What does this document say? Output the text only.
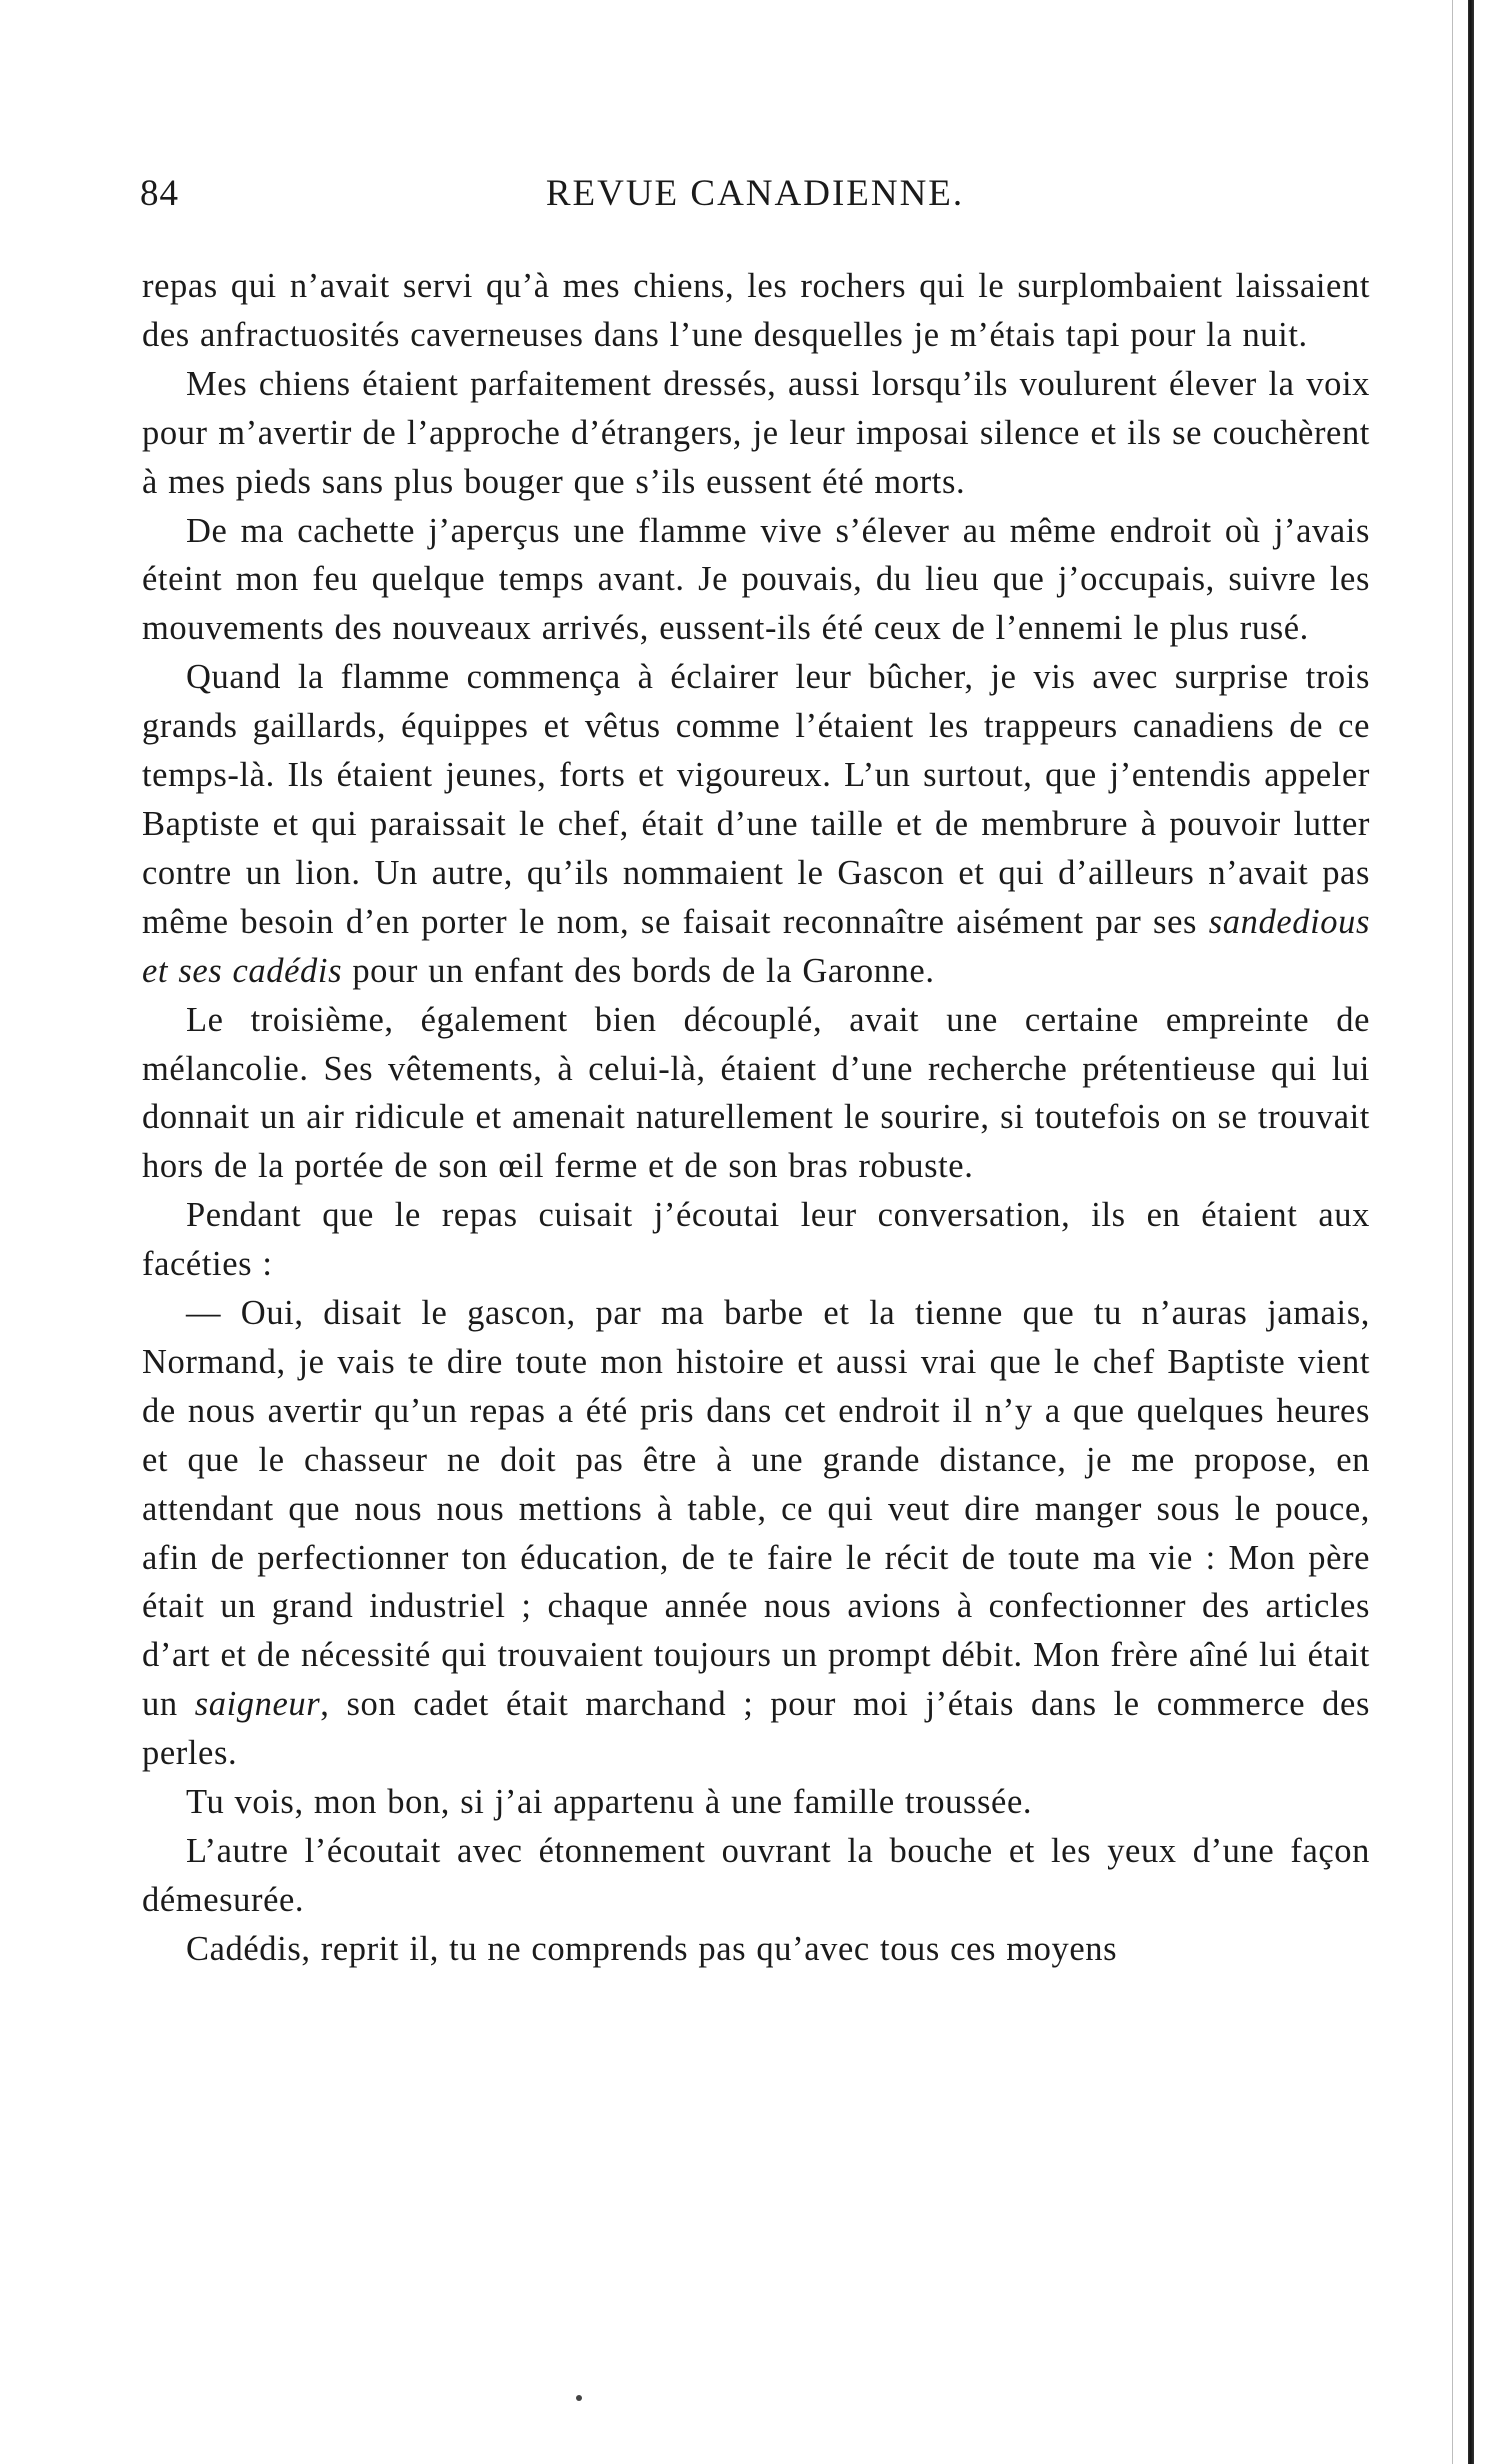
84	REVUE CANADIENNE.

repas qui n’avait servi qu’à mes chiens, les rochers qui le surplombaient laissaient des anfractuosités caverneuses dans l’une desquelles je m’étais tapi pour la nuit.

Mes chiens étaient parfaitement dressés, aussi lorsqu’ils voulurent élever la voix pour m’avertir de l’approche d’étrangers, je leur imposai silence et ils se couchèrent à mes pieds sans plus bouger que s’ils eussent été morts.

De ma cachette j’aperçus une flamme vive s’élever au même endroit où j’avais éteint mon feu quelque temps avant. Je pouvais, du lieu que j’occupais, suivre les mouvements des nouveaux arrivés, eussent-ils été ceux de l’ennemi le plus rusé.

Quand la flamme commença à éclairer leur bûcher, je vis avec surprise trois grands gaillards, équippes et vêtus comme l’étaient les trappeurs canadiens de ce temps-là. Ils étaient jeunes, forts et vigoureux. L’un surtout, que j’entendis appeler Baptiste et qui paraissait le chef, était d’une taille et de membrure à pouvoir lutter contre un lion. Un autre, qu’ils nommaient le Gascon et qui d’ailleurs n’avait pas même besoin d’en porter le nom, se faisait reconnaître aisément par ses sandedious et ses cadédis pour un enfant des bords de la Garonne.

Le troisième, également bien découplé, avait une certaine empreinte de mélancolie. Ses vêtements, à celui-là, étaient d’une recherche prétentieuse qui lui donnait un air ridicule et amenait naturellement le sourire, si toutefois on se trouvait hors de la portée de son œil ferme et de son bras robuste.

Pendant que le repas cuisait j’écoutai leur conversation, ils en étaient aux facéties :

— Oui, disait le gascon, par ma barbe et la tienne que tu n’auras jamais, Normand, je vais te dire toute mon histoire et aussi vrai que le chef Baptiste vient de nous avertir qu’un repas a été pris dans cet endroit il n’y a que quelques heures et que le chasseur ne doit pas être à une grande distance, je me propose, en attendant que nous nous mettions à table, ce qui veut dire manger sous le pouce, afin de perfectionner ton éducation, de te faire le récit de toute ma vie : Mon père était un grand industriel ; chaque année nous avions à confectionner des articles d’art et de nécessité qui trouvaient toujours un prompt débit. Mon frère aîné lui était un saigneur, son cadet était marchand ; pour moi j’étais dans le commerce des perles.

Tu vois, mon bon, si j’ai appartenu à une famille troussée.

L’autre l’écoutait avec étonnement ouvrant la bouche et les yeux d’une façon démesurée.

Cadédis, reprit il, tu ne comprends pas qu’avec tous ces moyens
